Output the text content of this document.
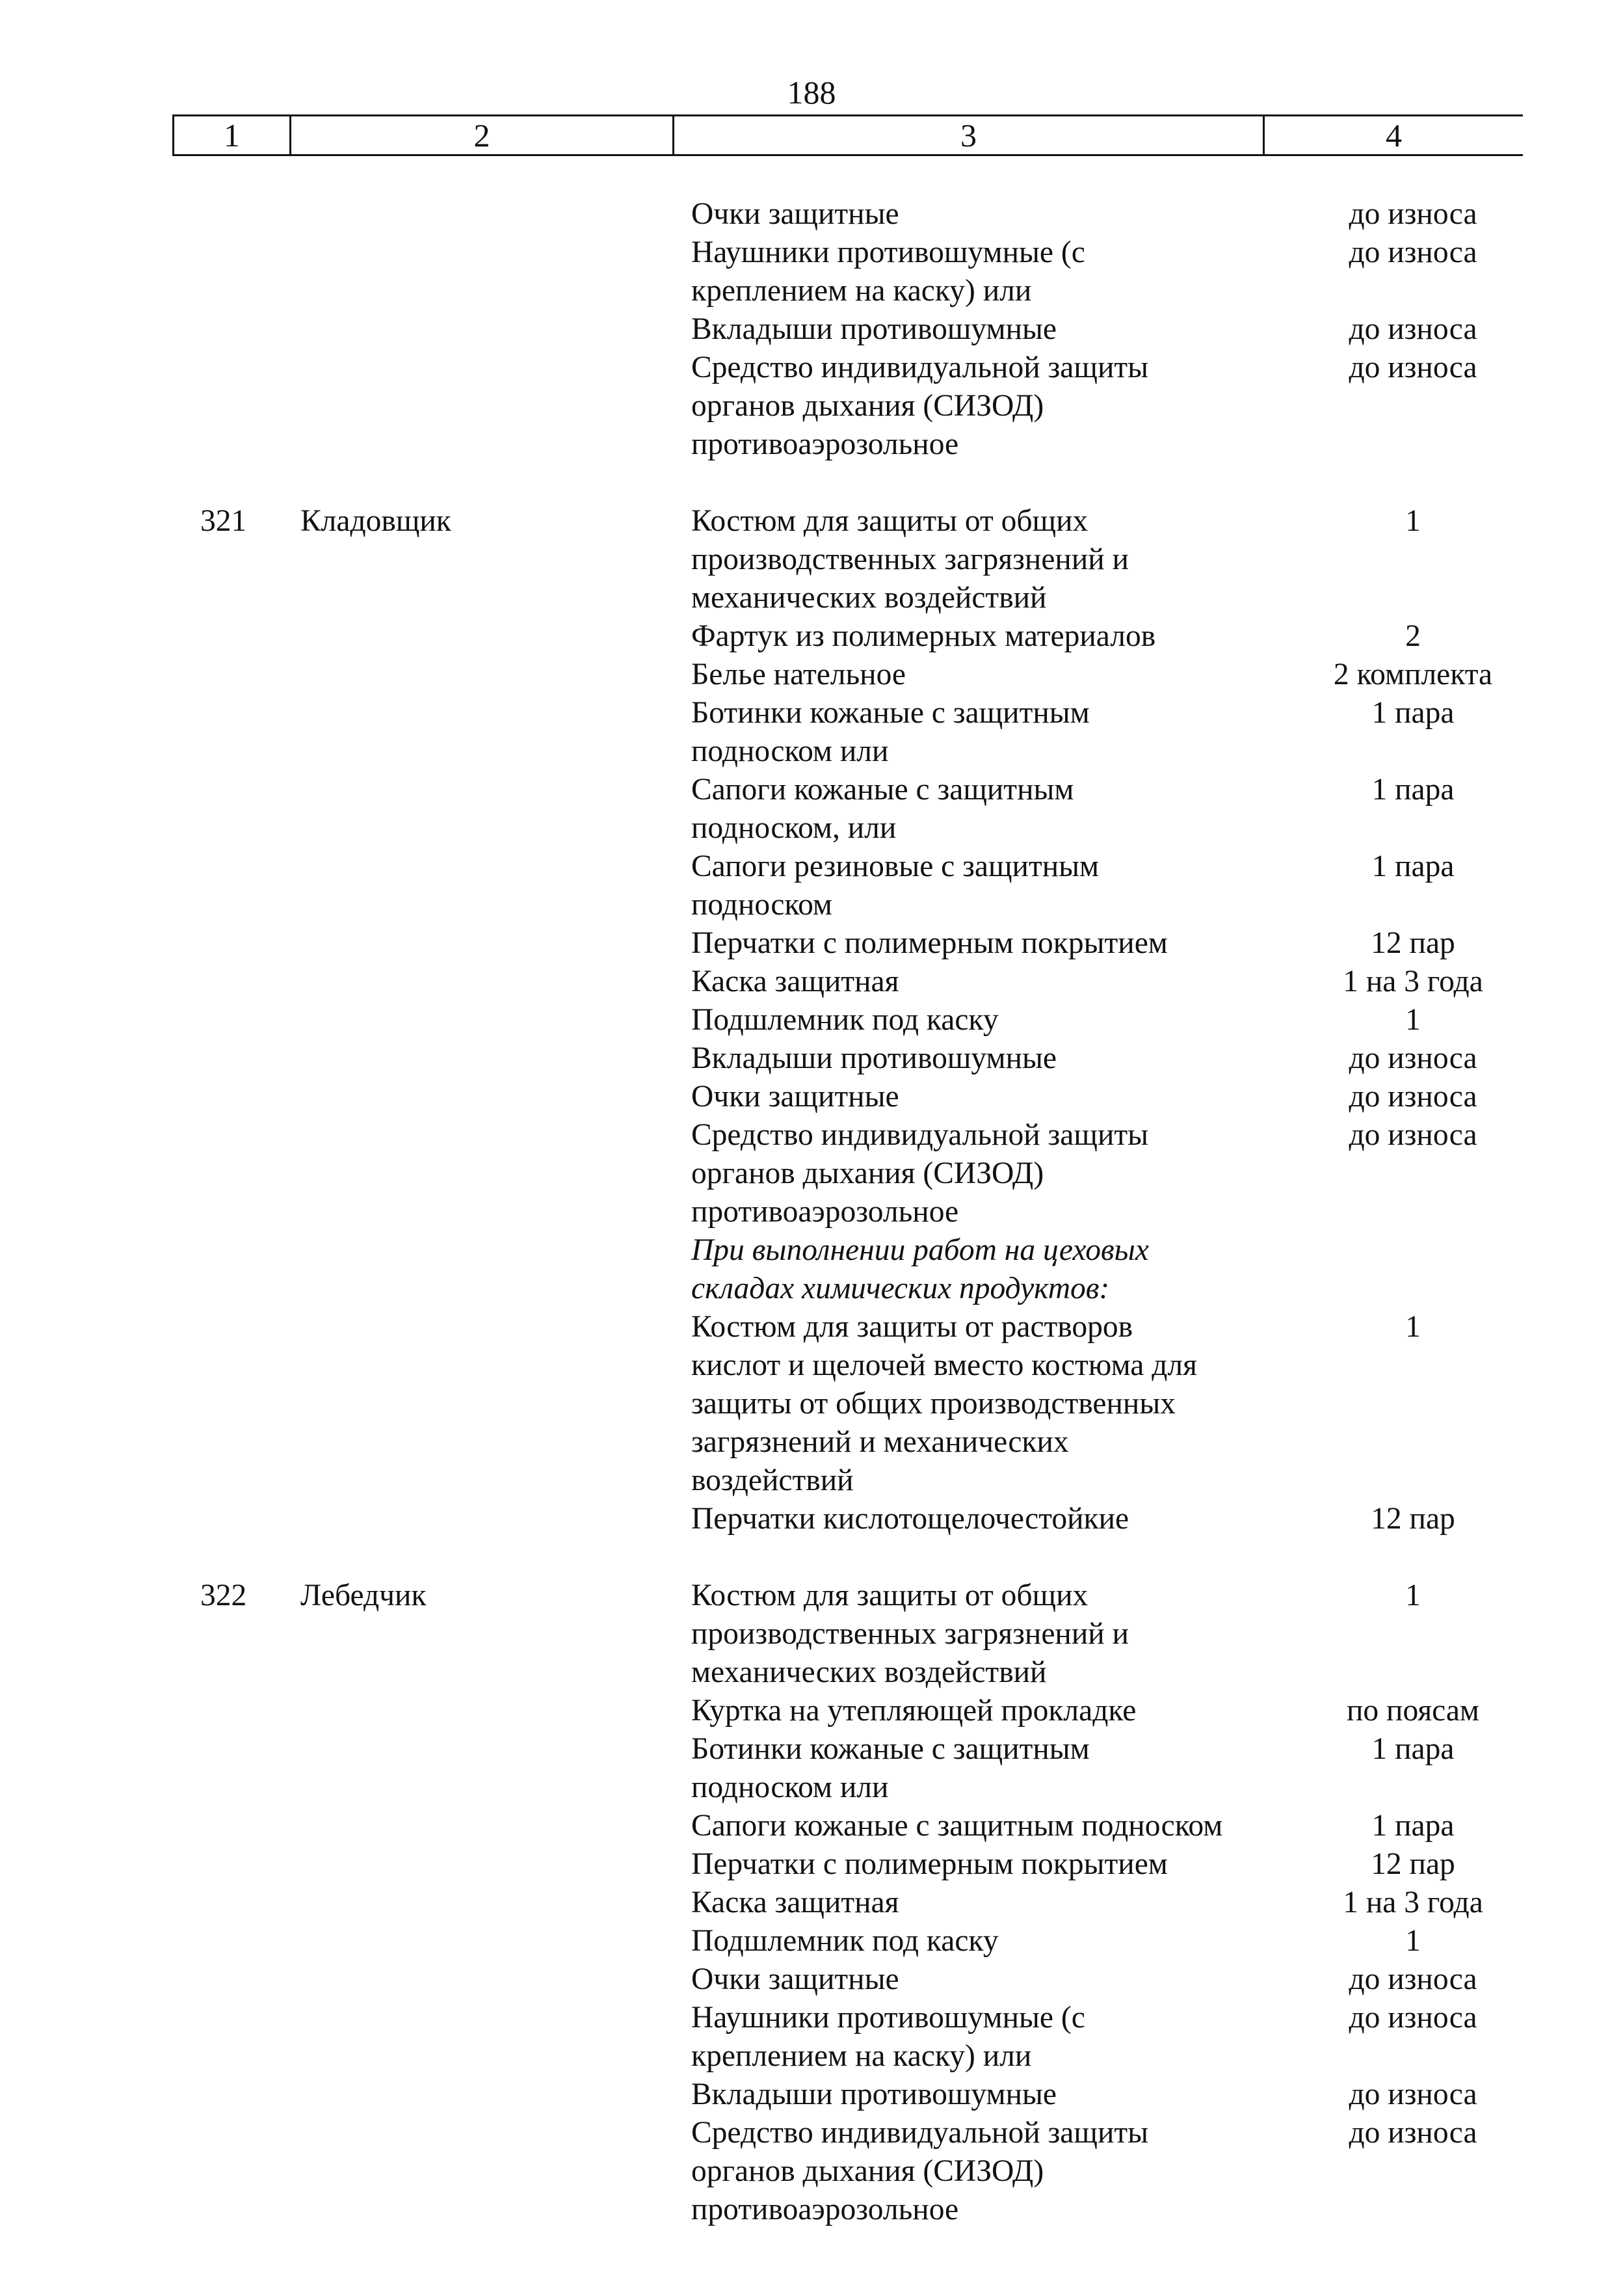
188
1	2	3	4
Очки защитные	до износа
Наушники противошумные (с	до износа
креплением на каску) или
Вкладыши противошумные	до износа
Средство индивидуальной защиты	до износа
органов дыхания (СИЗОД)
противоаэрозольное
321 Кладовщик	Костюм для защиты от общих	1
производственных загрязнений и
механических воздействий
Фартук из полимерных материалов	2
Белье нательное	2 комплекта
Ботинки кожаные с защитным	1 пара
подноском или
Сапоги кожаные с защитным	1 пара
подноском, или
Сапоги резиновые с защитным	1 пара
подноском
Перчатки с полимерным покрытием	12 пар
Каска защитная	1 на 3 года
Подшлемник под каску	1
Вкладыши противошумные	до износа
Очки защитные	до износа
Средство индивидуальной защиты	до износа
органов дыхания (СИЗОД)
противоаэрозольное
При выполнении работ на цеховых
складах химических продуктов:
Костюм для защиты от растворов	1
кислот и щелочей вместо костюма для
защиты от общих производственных
загрязнений и механических
воздействий
Перчатки кислотощелочестойкие	12 пар
322 Лебедчик	Костюм для защиты от общих	1
производственных загрязнений и
механических воздействий
Куртка на утепляющей прокладке	по поясам
Ботинки кожаные с защитным	1 пара
подноском или
Сапоги кожаные с защитным подноском	1 пара
Перчатки с полимерным покрытием	12 пар
Каска защитная	1 на 3 года
Подшлемник под каску	1
Очки защитные	до износа
Наушники противошумные (с	до износа
креплением на каску) или
Вкладыши противошумные	до износа
Средство индивидуальной защиты	до износа
органов дыхания (СИЗОД)
противоаэрозольное
